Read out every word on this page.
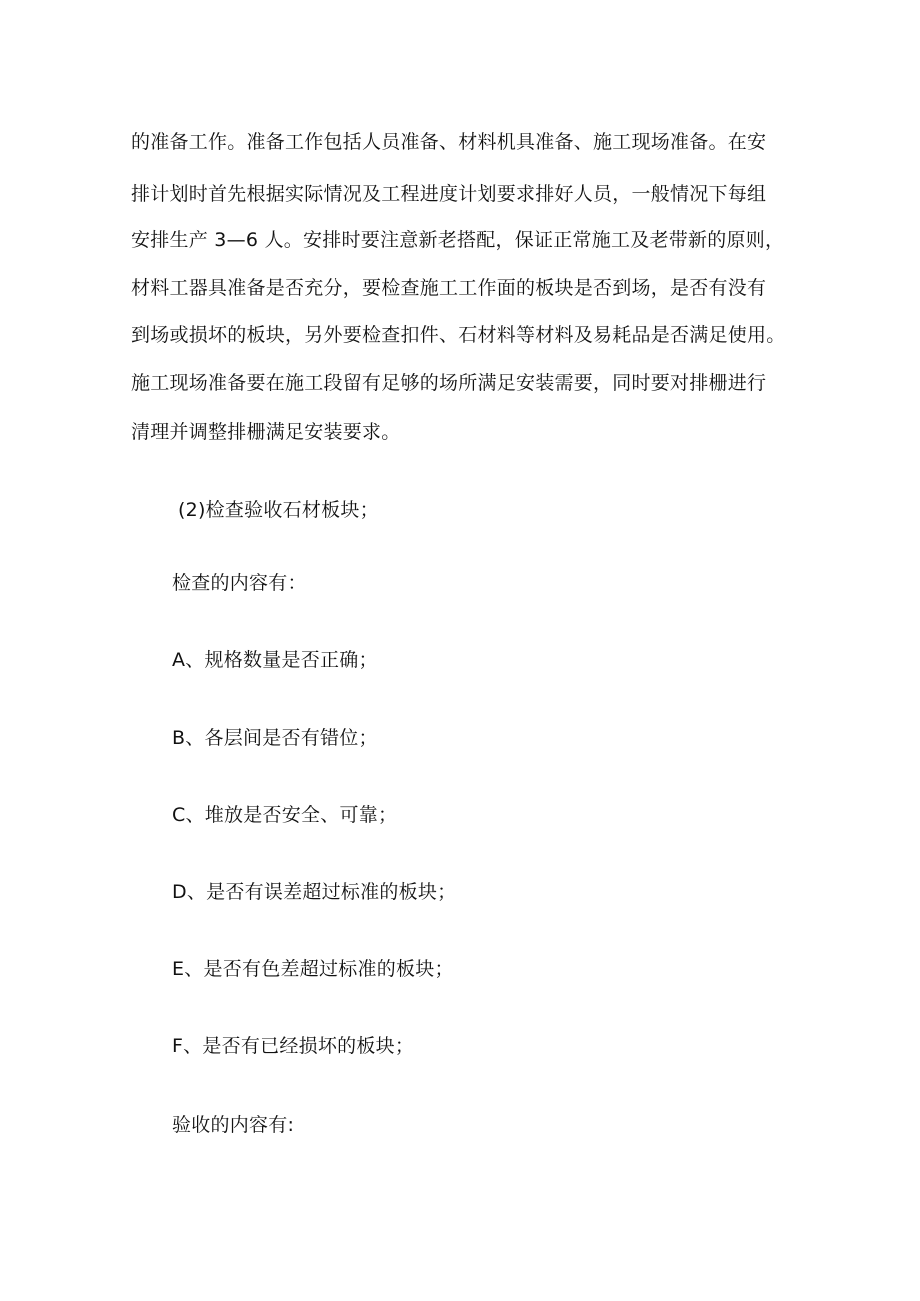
的准备工作。准备工作包括人员准备、材料机具准备、施工现场准备。在安
排计划时首先根据实际情况及工程进度计划要求排好人员，一般情况下每组
安排生产 3—6 人。安排时要注意新老搭配，保证正常施工及老带新的原则，
材料工器具准备是否充分，要检查施工工作面的板块是否到场，是否有没有
到场或损坏的板块，另外要检查扣件、石材料等材料及易耗品是否满足使用。
施工现场准备要在施工段留有足够的场所满足安装需要，同时要对排栅进行
清理并调整排栅满足安装要求。
(2)检查验收石材板块；
检查的内容有：
A、规格数量是否正确；
B、各层间是否有错位；
C、堆放是否安全、可靠；
D、是否有误差超过标准的板块；
E、是否有色差超过标准的板块；
F、是否有已经损坏的板块；
验收的内容有:
